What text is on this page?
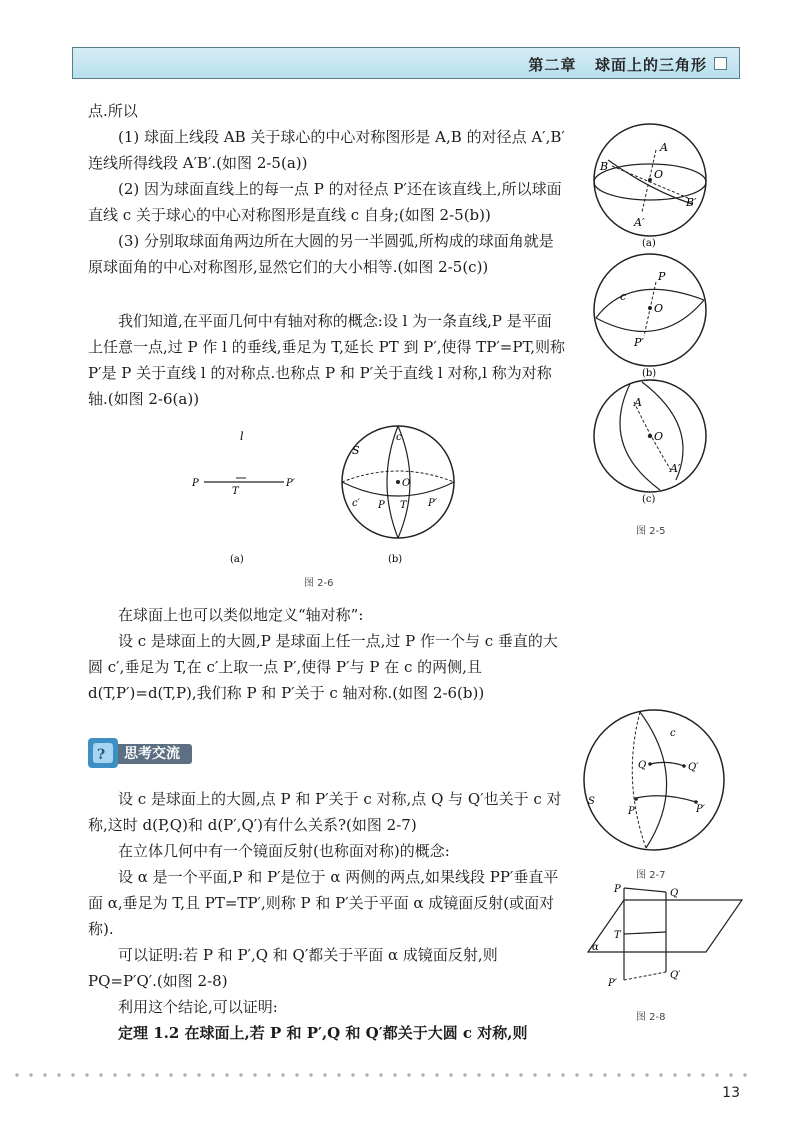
第二章   球面上的三角形

点.所以

(1) 球面上线段 AB 关于球心的中心对称图形是 A,B 的对径点 A′,B′连线所得线段 A′B′.(如图 2-5(a))

(2) 因为球面直线上的每一点 P 的对径点 P′还在该直线上,所以球面直线 c 关于球心的中心对称图形是直线 c 自身;(如图 2-5(b))

(3) 分别取球面角两边所在大圆的另一半圆弧,所构成的球面角就是原球面角的中心对称图形,显然它们的大小相等.(如图 2-5(c))

我们知道,在平面几何中有轴对称的概念:设 l 为一条直线,P 是平面上任意一点,过 P 作 l 的垂线,垂足为 T,延长 PT 到 P′,使得 TP′=PT,则称 P′是 P 关于直线 l 的对称点.也称点 P 和 P′关于直线 l 对称,l 称为对称轴.(如图 2-6(a))

在球面上也可以类似地定义“轴对称”:

设 c 是球面上的大圆,P 是球面上任一点,过 P 作一个与 c 垂直的大圆 c′,垂足为 T,在 c′上取一点 P′,使得 P′与 P 在 c 的两侧,且 d(T,P′)=d(T,P),我们称 P 和 P′关于 c 轴对称.(如图 2-6(b))

? 思考交流

设 c 是球面上的大圆,点 P 和 P′关于 c 对称,点 Q 与 Q′也关于 c 对称,这时 d(P,Q)和 d(P′,Q′)有什么关系?(如图 2-7)

在立体几何中有一个镜面反射(也称面对称)的概念:

设 α 是一个平面,P 和 P′是位于 α 两侧的两点,如果线段 PP′垂直平面 α,垂足为 T,且 PT=TP′,则称 P 和 P′关于平面 α 成镜面反射(或面对称).

可以证明:若 P 和 P′,Q 和 Q′都关于平面 α 成镜面反射,则 PQ=P′Q′.(如图 2-8)

利用这个结论,可以证明:

定理 1.2 在球面上,若 P 和 P′,Q 和 Q′都关于大圆 c 对称,则

A
B
O
B′
A′
(a)
P
O
c
P′
(b)
A
O
A′
(c)
图 2-5
l
P
T
P′
(a)
S
c
O
c′ P T P′
(b)
图 2-6
c
Q	Q′
S
P	P′
图 2-7
P	Q
T
α
P′
Q′
图 2-8
13
